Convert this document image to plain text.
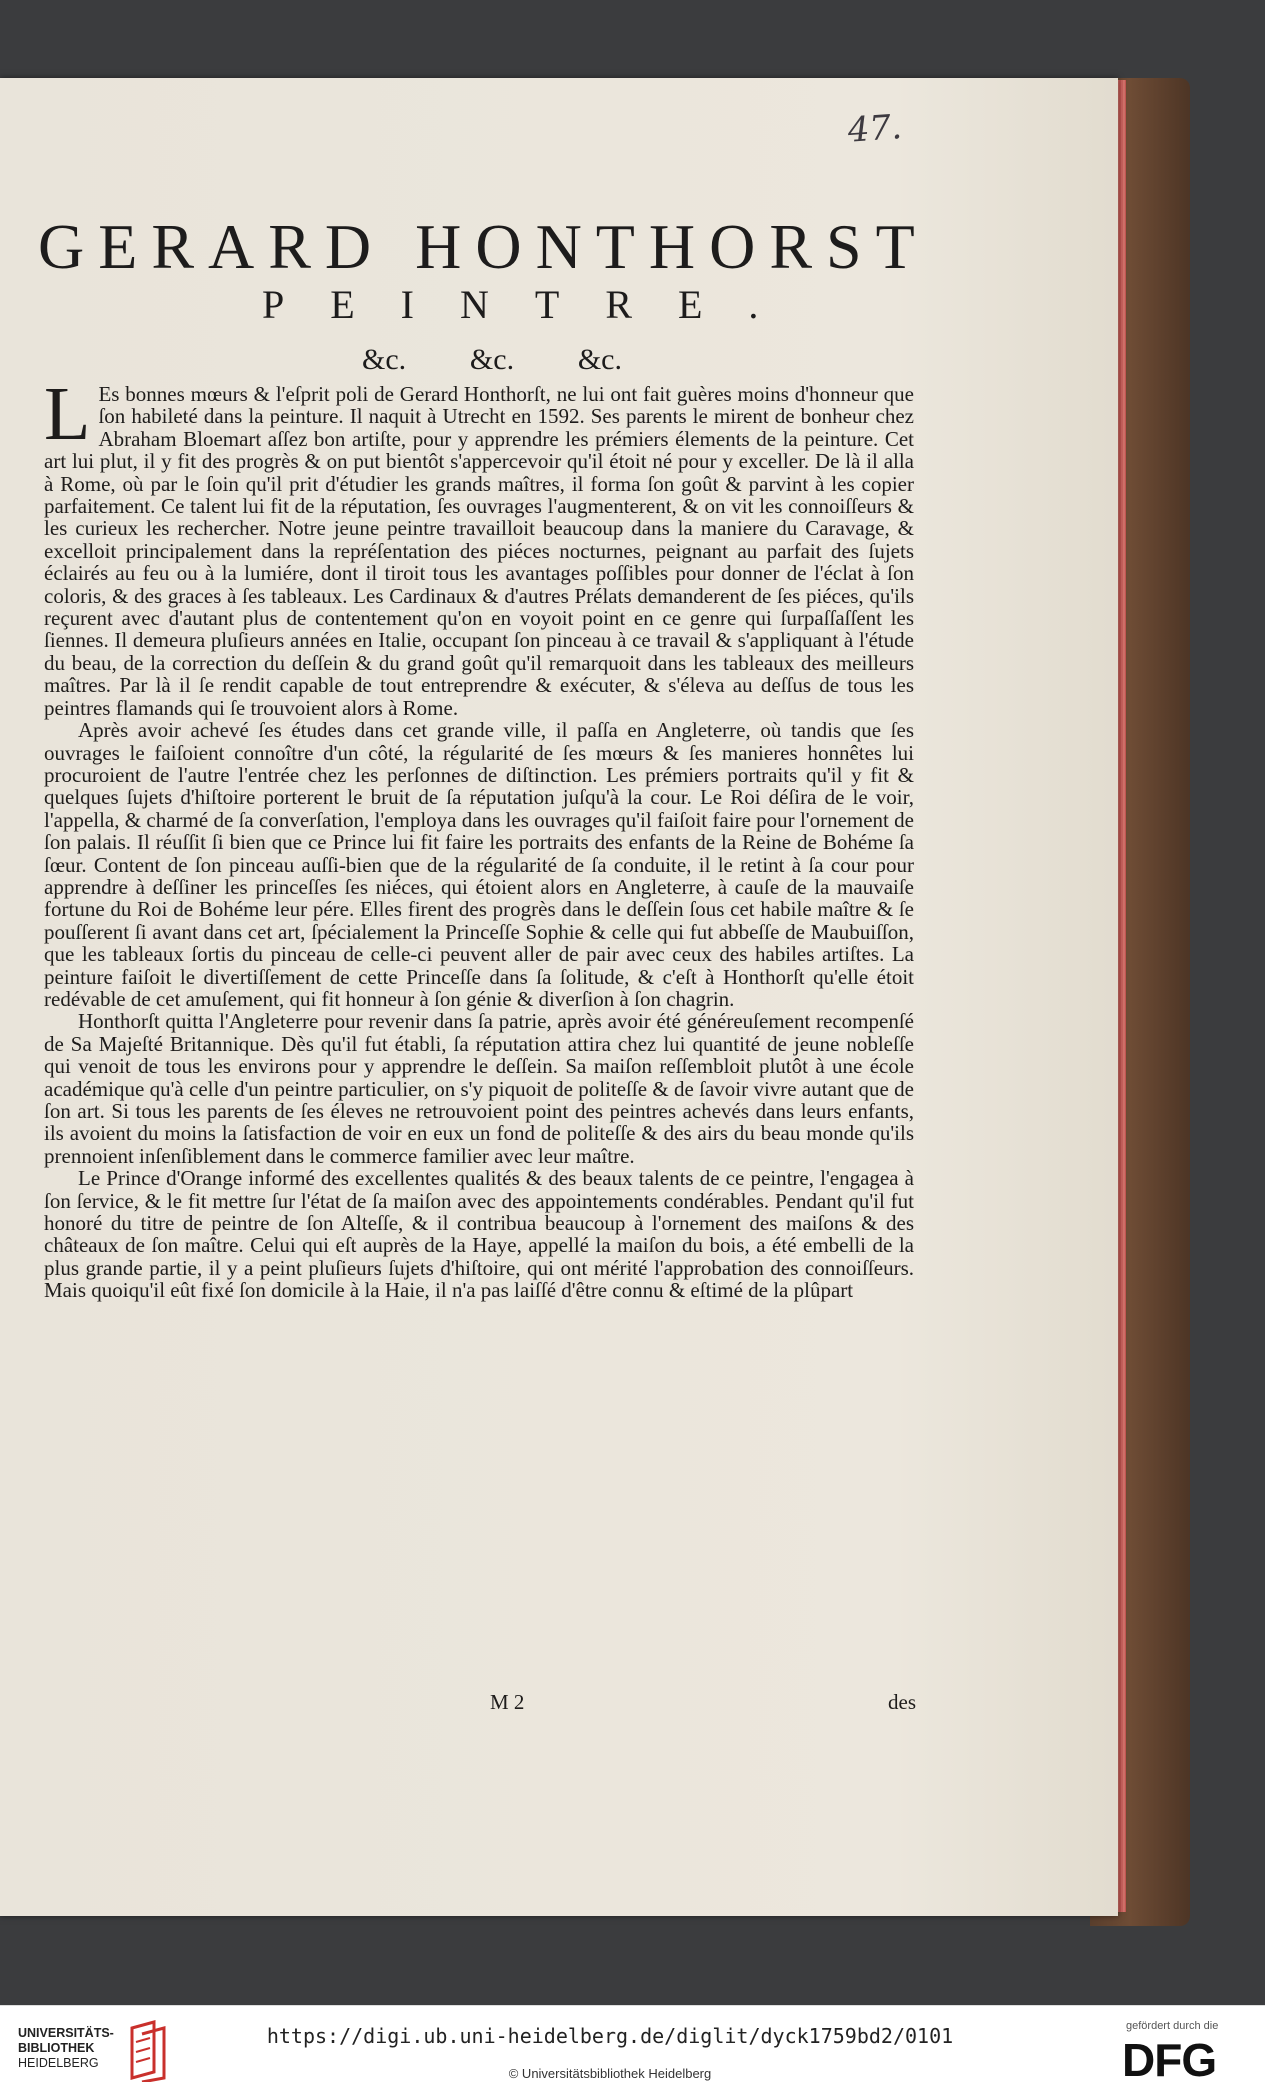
47.
GERARD HONTHORST
PEINTRE.
&c. &c. &c.

L Es bonnes mœurs & l'eſprit poli de Gerard Honthorſt, ne lui ont fait guères moins d'honneur que ſon habileté dans la peinture. Il naquit à Utrecht en 1592. Ses parents le mirent de bonheur chez Abraham Bloemart aſſez bon artiſte, pour y apprendre les prémiers élements de la peinture. Cet art lui plut, il y fit des progrès & on put bientôt s'appercevoir qu'il étoit né pour y exceller. De là il alla à Rome, où par le ſoin qu'il prit d'étudier les grands maîtres, il forma ſon goût & parvint à les copier parfaitement. Ce talent lui fit de la réputation, ſes ouvrages l'augmenterent, & on vit les connoiſſeurs & les curieux les rechercher. Notre jeune peintre travailloit beaucoup dans la maniere du Caravage, & excelloit principalement dans la repréſentation des piéces nocturnes, peignant au parfait des ſujets éclairés au feu ou à la lumiére, dont il tiroit tous les avantages poſſibles pour donner de l'éclat à ſon coloris, & des graces à ſes tableaux. Les Cardinaux & d'autres Prélats demanderent de ſes piéces, qu'ils reçurent avec d'autant plus de contentement qu'on en voyoit point en ce genre qui ſurpaſſaſſent les ſiennes. Il demeura pluſieurs années en Italie, occupant ſon pinceau à ce travail & s'appliquant à l'étude du beau, de la correction du deſſein & du grand goût qu'il remarquoit dans les tableaux des meilleurs maîtres. Par là il ſe rendit capable de tout entreprendre & exécuter, & s'éleva au deſſus de tous les peintres flamands qui ſe trouvoient alors à Rome.

Après avoir achevé ſes études dans cet grande ville, il paſſa en Angleterre, où tandis que ſes ouvrages le faiſoient connoître d'un côté, la régularité de ſes mœurs & ſes manieres honnêtes lui procuroient de l'autre l'entrée chez les perſonnes de diſtinction. Les prémiers portraits qu'il y fit & quelques ſujets d'hiſtoire porterent le bruit de ſa réputation juſqu'à la cour. Le Roi déſira de le voir, l'appella, & charmé de ſa converſation, l'employa dans les ouvrages qu'il faiſoit faire pour l'ornement de ſon palais. Il réuſſit ſi bien que ce Prince lui fit faire les portraits des enfants de la Reine de Bohéme ſa ſœur. Content de ſon pinceau auſſi-bien que de la régularité de ſa conduite, il le retint à ſa cour pour apprendre à deſſiner les princeſſes ſes niéces, qui étoient alors en Angleterre, à cauſe de la mauvaiſe fortune du Roi de Bohéme leur pére. Elles firent des progrès dans le deſſein ſous cet habile maître & ſe pouſſerent ſi avant dans cet art, ſpécialement la Princeſſe Sophie & celle qui fut abbeſſe de Maubuiſſon, que les tableaux ſortis du pinceau de celle-ci peuvent aller de pair avec ceux des habiles artiſtes. La peinture faiſoit le divertiſſement de cette Princeſſe dans ſa ſolitude, & c'eſt à Honthorſt qu'elle étoit redévable de cet amuſement, qui fit honneur à ſon génie & diverſion à ſon chagrin.

Honthorſt quitta l'Angleterre pour revenir dans ſa patrie, après avoir été généreuſement recompenſé de Sa Majeſté Britannique. Dès qu'il fut établi, ſa réputation attira chez lui quantité de jeune nobleſſe qui venoit de tous les environs pour y apprendre le deſſein. Sa maiſon reſſembloit plutôt à une école académique qu'à celle d'un peintre particulier, on s'y piquoit de politeſſe & de ſavoir vivre autant que de ſon art. Si tous les parents de ſes éleves ne retrouvoient point des peintres achevés dans leurs enfants, ils avoient du moins la ſatisfaction de voir en eux un fond de politeſſe & des airs du beau monde qu'ils prennoient inſenſiblement dans le commerce familier avec leur maître.

Le Prince d'Orange informé des excellentes qualités & des beaux talents de ce peintre, l'engagea à ſon ſervice, & le fit mettre ſur l'état de ſa maiſon avec des appointements condérables. Pendant qu'il fut honoré du titre de peintre de ſon Alteſſe, & il contribua beaucoup à l'ornement des maiſons & des châteaux de ſon maître. Celui qui eſt auprès de la Haye, appellé la maiſon du bois, a été embelli de la plus grande partie, il y a peint pluſieurs ſujets d'hiſtoire, qui ont mérité l'approbation des connoiſſeurs. Mais quoiqu'il eût fixé ſon domicile à la Haie, il n'a pas laiſſé d'être connu & eſtimé de la plûpart

M 2	des
UNIVERSITÄTS-
BIBLIOTHEK
HEIDELBERG
https://digi.ub.uni-heidelberg.de/diglit/dyck1759bd2/0101
© Universitätsbibliothek Heidelberg
gefördert durch die
DFG
